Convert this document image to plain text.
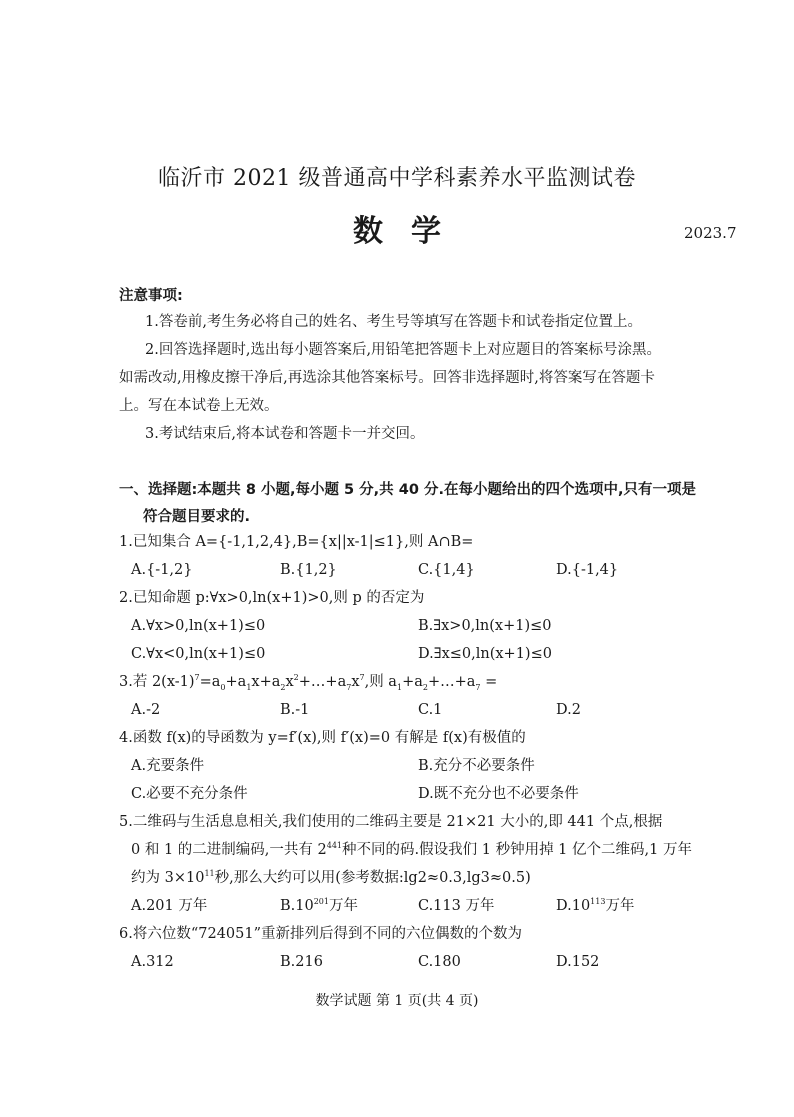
临沂市 2021 级普通高中学科素养水平监测试卷
数学	2023.7
注意事项:
1.答卷前,考生务必将自己的姓名、考生号等填写在答题卡和试卷指定位置上。
2.回答选择题时,选出每小题答案后,用铅笔把答题卡上对应题目的答案标号涂黑。
如需改动,用橡皮擦干净后,再选涂其他答案标号。回答非选择题时,将答案写在答题卡
上。写在本试卷上无效。
3.考试结束后,将本试卷和答题卡一并交回。
一、选择题:本题共 8 小题,每小题 5 分,共 40 分.在每小题给出的四个选项中,只有一项是
符合题目要求的.
1.已知集合 A={-1,1,2,4},B={x||x-1|≤1},则 A∩B=
A.{-1,2}	B.{1,2}	C.{1,4}	D.{-1,4}
2.已知命题 p:∀x>0,ln(x+1)>0,则 p 的否定为
A.∀x>0,ln(x+1)≤0	B.∃x>0,ln(x+1)≤0
C.∀x<0,ln(x+1)≤0	D.∃x≤0,ln(x+1)≤0
3.若 $2(x-1)^7=a_0+a_1x+a_2x^2+\dots+a_7x^7$,则 $a_1+a_2+\dots+a_7$ =
A.-2	B.-1	C.1	D.2
4.函数 f(x)的导函数为 y=f′(x),则 f′(x)=0 有解是 f(x)有极值的
A.充要条件	B.充分不必要条件
C.必要不充分条件	D.既不充分也不必要条件
5.二维码与生活息息相关,我们使用的二维码主要是 21×21 大小的,即 441 个点,根据
0 和 1 的二进制编码,一共有 $2^{441}$种不同的码.假设我们 1 秒钟用掉 1 亿个二维码,1 万年
约为 $3\times 10^{11}$秒,那么大约可以用(参考数据:lg2≈0.3,lg3≈0.5)
A.201 万年	$B.10^{201}$万年	C.113 万年	$D.10^{113}$万年
6.将六位数“724051”重新排列后得到不同的六位偶数的个数为
A.312	B.216	C.180	D.152
数学试题 第 1 页(共 4 页)
